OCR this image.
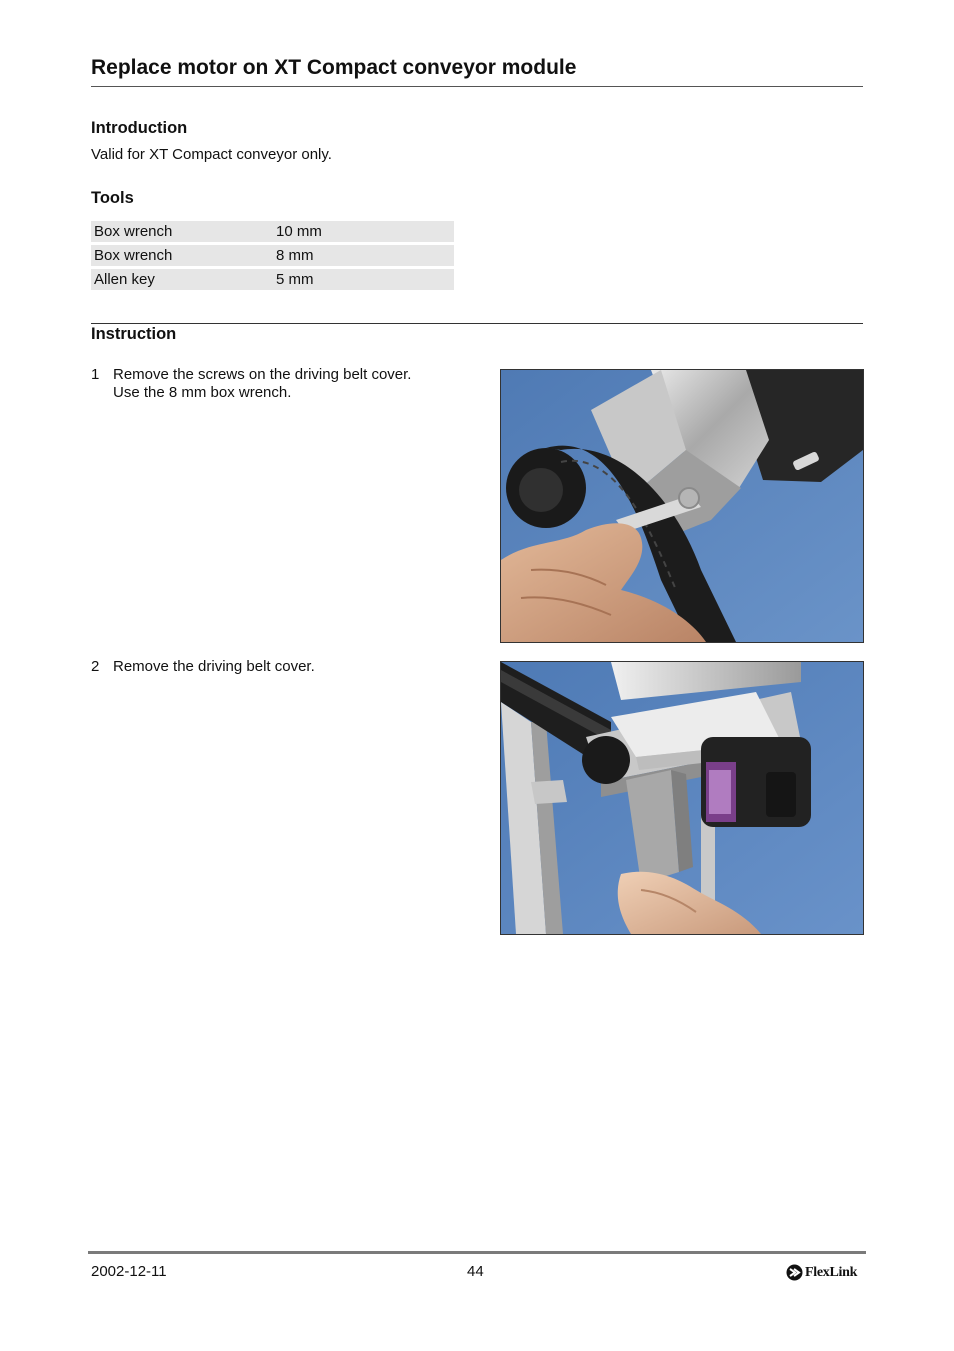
Replace motor on XT Compact conveyor module
Introduction
Valid for XT Compact conveyor only.
Tools
Box wrench	10 mm
Box wrench	8 mm
Allen key	5 mm
Instruction
1 Remove the screws on the driving belt cover.
Use the 8 mm box wrench.
2 Remove the driving belt cover.
2002-12-11	44	FlexLink
